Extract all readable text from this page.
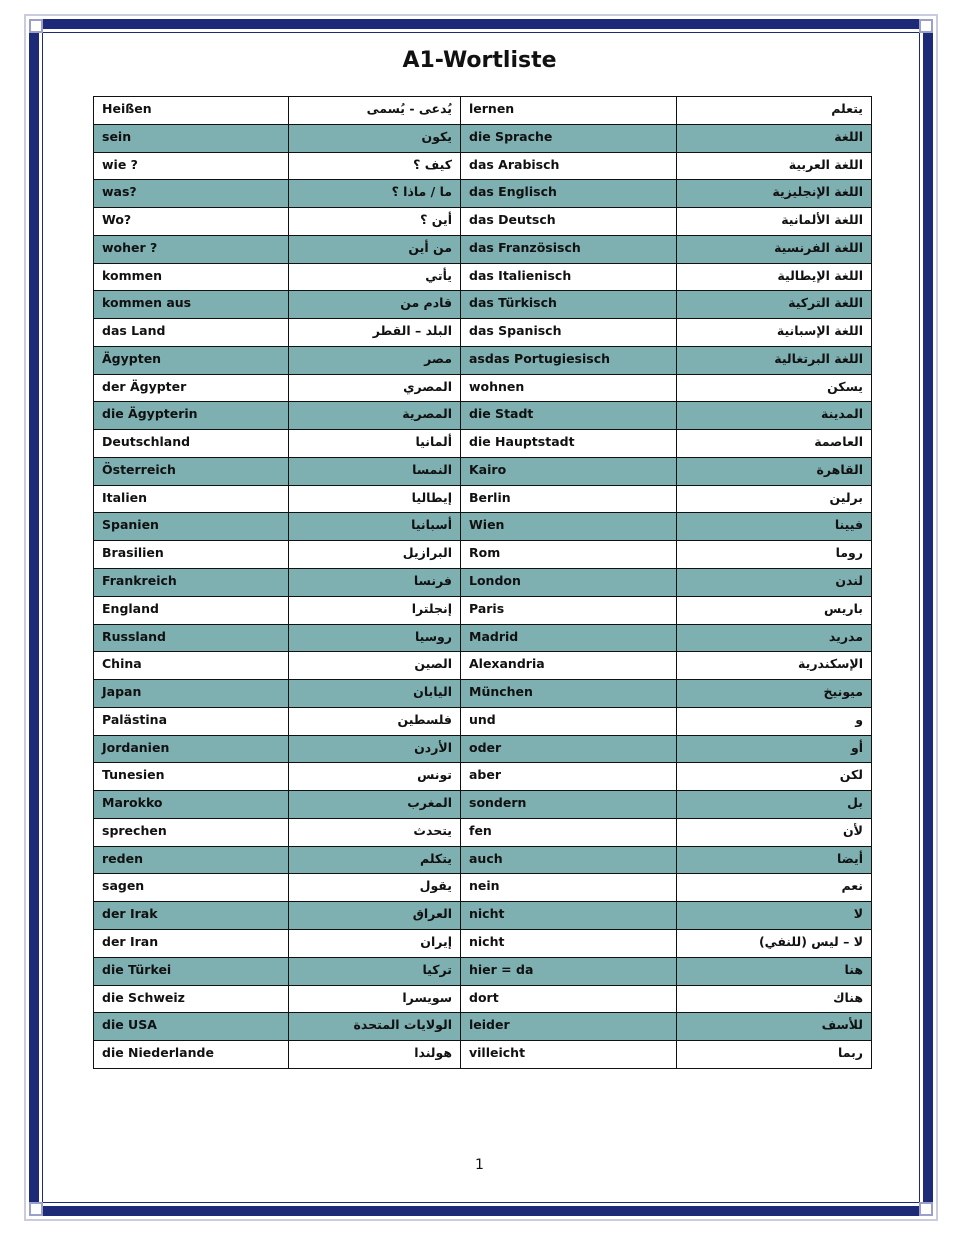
A1-Wortliste
Heißen	يُدعى - يُسمى	lernen	يتعلم
sein	يكون	die Sprache	اللغة
wie ?	كيف ؟	das Arabisch	اللغة العربية
was?	ما / ماذا ؟	das Englisch	اللغة الإنجليزية
Wo?	أين ؟	das Deutsch	اللغة الألمانية
woher ?	من أين	das Französisch	اللغة الفرنسية
kommen	يأتي	das Italienisch	اللغة الإيطالية
kommen aus	قادم من	das Türkisch	اللغة التركية
das Land	البلد – القطر	das Spanisch	اللغة الإسبانية
Ägypten	مصر	asdas Portugiesisch	اللغة البرتغالية
der Ägypter	المصري	wohnen	يسكن
die Ägypterin	المصرية	die Stadt	المدينة
Deutschland	ألمانيا	die Hauptstadt	العاصمة
Österreich	النمسا	Kairo	القاهرة
Italien	إيطاليا	Berlin	برلين
Spanien	أسبانيا	Wien	فيينا
Brasilien	البرازيل	Rom	روما
Frankreich	فرنسا	London	لندن
England	إنجلترا	Paris	باريس
Russland	روسيا	Madrid	مدريد
China	الصين	Alexandria	الإسكندرية
Japan	اليابان	München	ميونيخ
Palästina	فلسطين	und	و
Jordanien	الأردن	oder	أو
Tunesien	تونس	aber	لكن
Marokko	المغرب	sondern	بل
sprechen	يتحدث	fen	لأن
reden	يتكلم	auch	أيضا
sagen	يقول	nein	نعم
der Irak	العراق	nicht	لا
der Iran	إيران	nicht	لا – ليس (للنفي)
die Türkei	تركيا	hier = da	هنا
die Schweiz	سويسرا	dort	هناك
die USA	الولايات المتحدة	leider	للأسف
die Niederlande	هولندا	villeicht	ربما
1
